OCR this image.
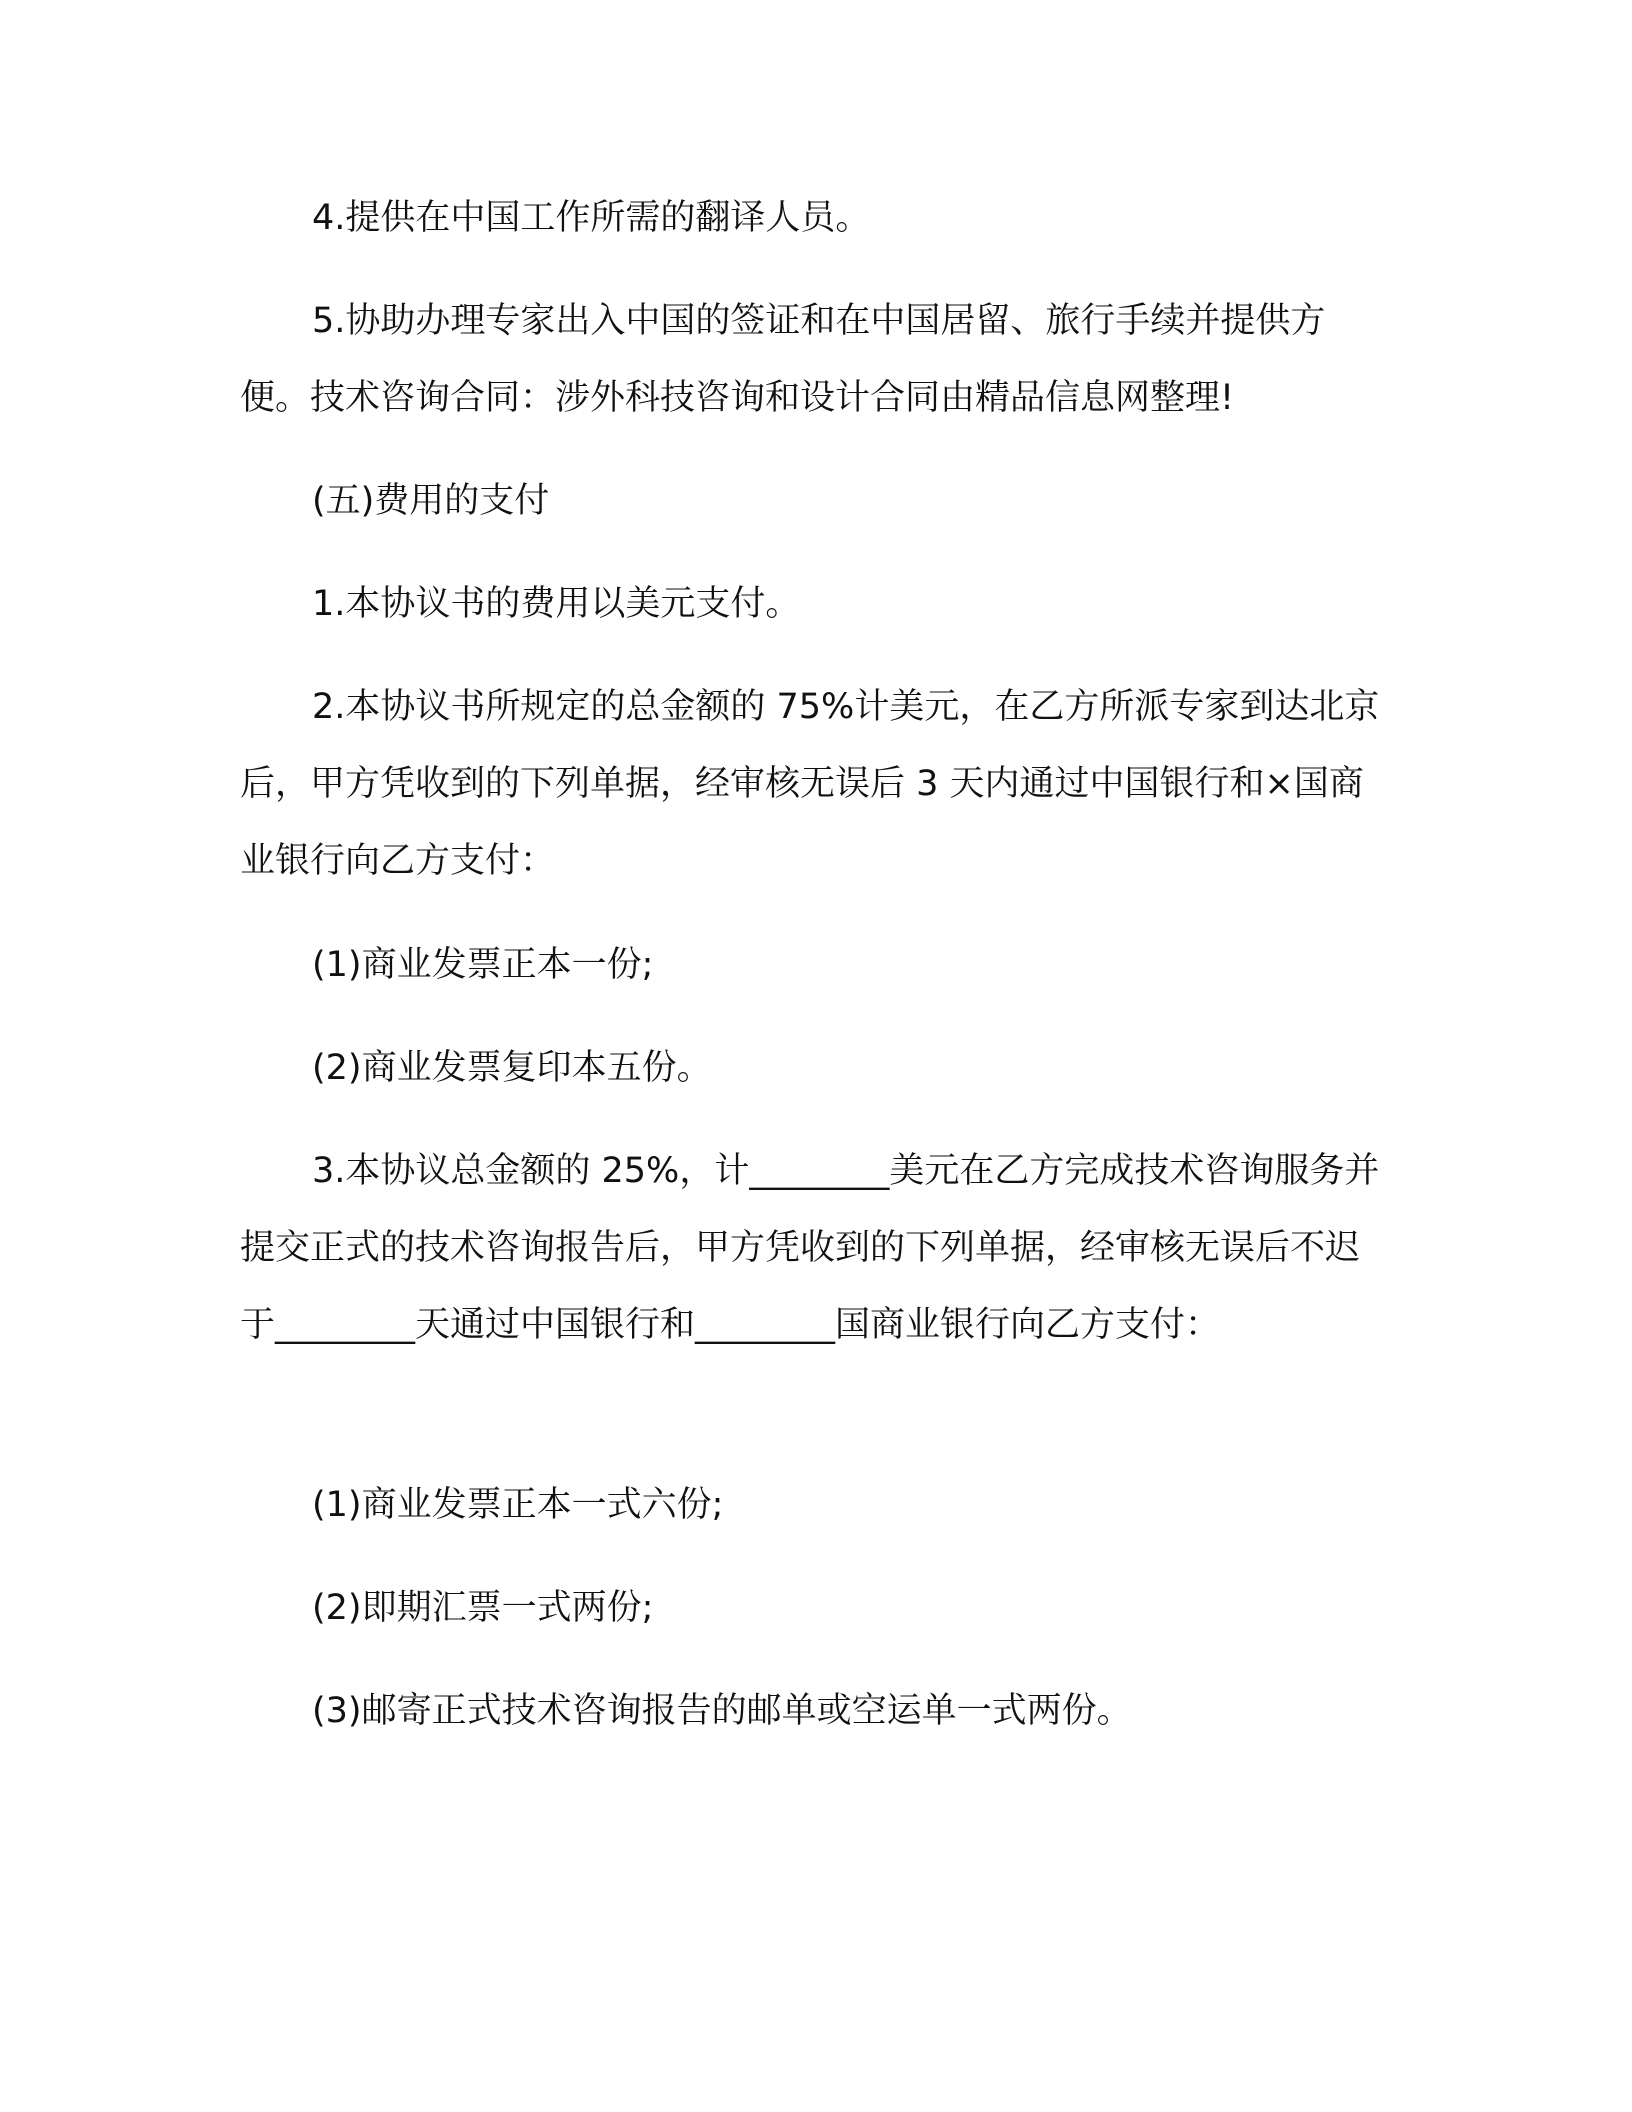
4.提供在中国工作所需的翻译人员。

5.协助办理专家出入中国的签证和在中国居留、旅行手续并提供方便。技术咨询合同：涉外科技咨询和设计合同由精品信息网整理!

(五)费用的支付

1.本协议书的费用以美元支付。

2.本协议书所规定的总金额的 75%计美元，在乙方所派专家到达北京后，甲方凭收到的下列单据，经审核无误后 3 天内通过中国银行和×国商业银行向乙方支付：

(1)商业发票正本一份;

(2)商业发票复印本五份。

3.本协议总金额的 25%，计________美元在乙方完成技术咨询服务并提交正式的技术咨询报告后，甲方凭收到的下列单据，经审核无误后不迟于________天通过中国银行和________国商业银行向乙方支付：

(1)商业发票正本一式六份;

(2)即期汇票一式两份;

(3)邮寄正式技术咨询报告的邮单或空运单一式两份。
